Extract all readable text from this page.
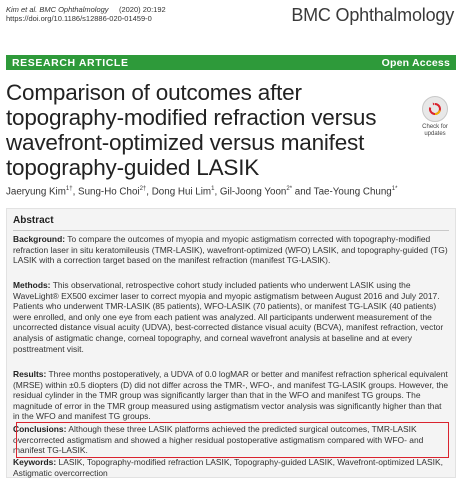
Kim et al. BMC Ophthalmology     (2020) 20:192
https://doi.org/10.1186/s12886-020-01459-0	BMC Ophthalmology
RESEARCH ARTICLE	Open Access
Comparison of outcomes after topography-modified refraction versus wavefront-optimized versus manifest topography-guided LASIK
Check for updates
Jaeryung Kim$^{1\dagger}$, Sung-Ho Choi$^{2\dagger}$, Dong Hui Lim$^1$, Gil-Joong Yoon$^{2*}$ and Tae-Young Chung$^{1*}$
Abstract

Background: To compare the outcomes of myopia and myopic astigmatism corrected with topography-modified refraction laser in situ keratomileusis (TMR-LASIK), wavefront-optimized (WFO) LASIK, and topography-guided (TG) LASIK with a correction target based on the manifest refraction (manifest TG-LASIK).

Methods: This observational, retrospective cohort study included patients who underwent LASIK using the WaveLight® EX500 excimer laser to correct myopia and myopic astigmatism between August 2016 and July 2017. Patients who underwent TMR-LASIK (85 patients), WFO-LASIK (70 patients), or manifest TG-LASIK (40 patients) were enrolled, and only one eye from each patient was analyzed. All participants underwent measurement of the uncorrected distance visual acuity (UDVA), best-corrected distance visual acuity (BCVA), manifest refraction, vector analysis of astigmatic change, corneal topography, and corneal wavefront analysis at baseline and at every posttreatment visit.

Results: Three months postoperatively, a UDVA of 0.0 logMAR or better and manifest refraction spherical equivalent (MRSE) within ±0.5 diopters (D) did not differ across the TMR-, WFO-, and manifest TG-LASIK groups. However, the residual cylinder in the TMR group was significantly larger than that in the WFO and manifest TG groups. The magnitude of error in the TMR group measured using astigmatism vector analysis was significantly higher than that in the WFO and manifest TG groups.

Conclusions: Although these three LASIK platforms achieved the predicted surgical outcomes, TMR-LASIK overcorrected astigmatism and showed a higher residual postoperative astigmatism compared with WFO- and manifest TG-LASIK.

Keywords: LASIK, Topography-modified refraction LASIK, Topography-guided LASIK, Wavefront-optimized LASIK, Astigmatic overcorrection
